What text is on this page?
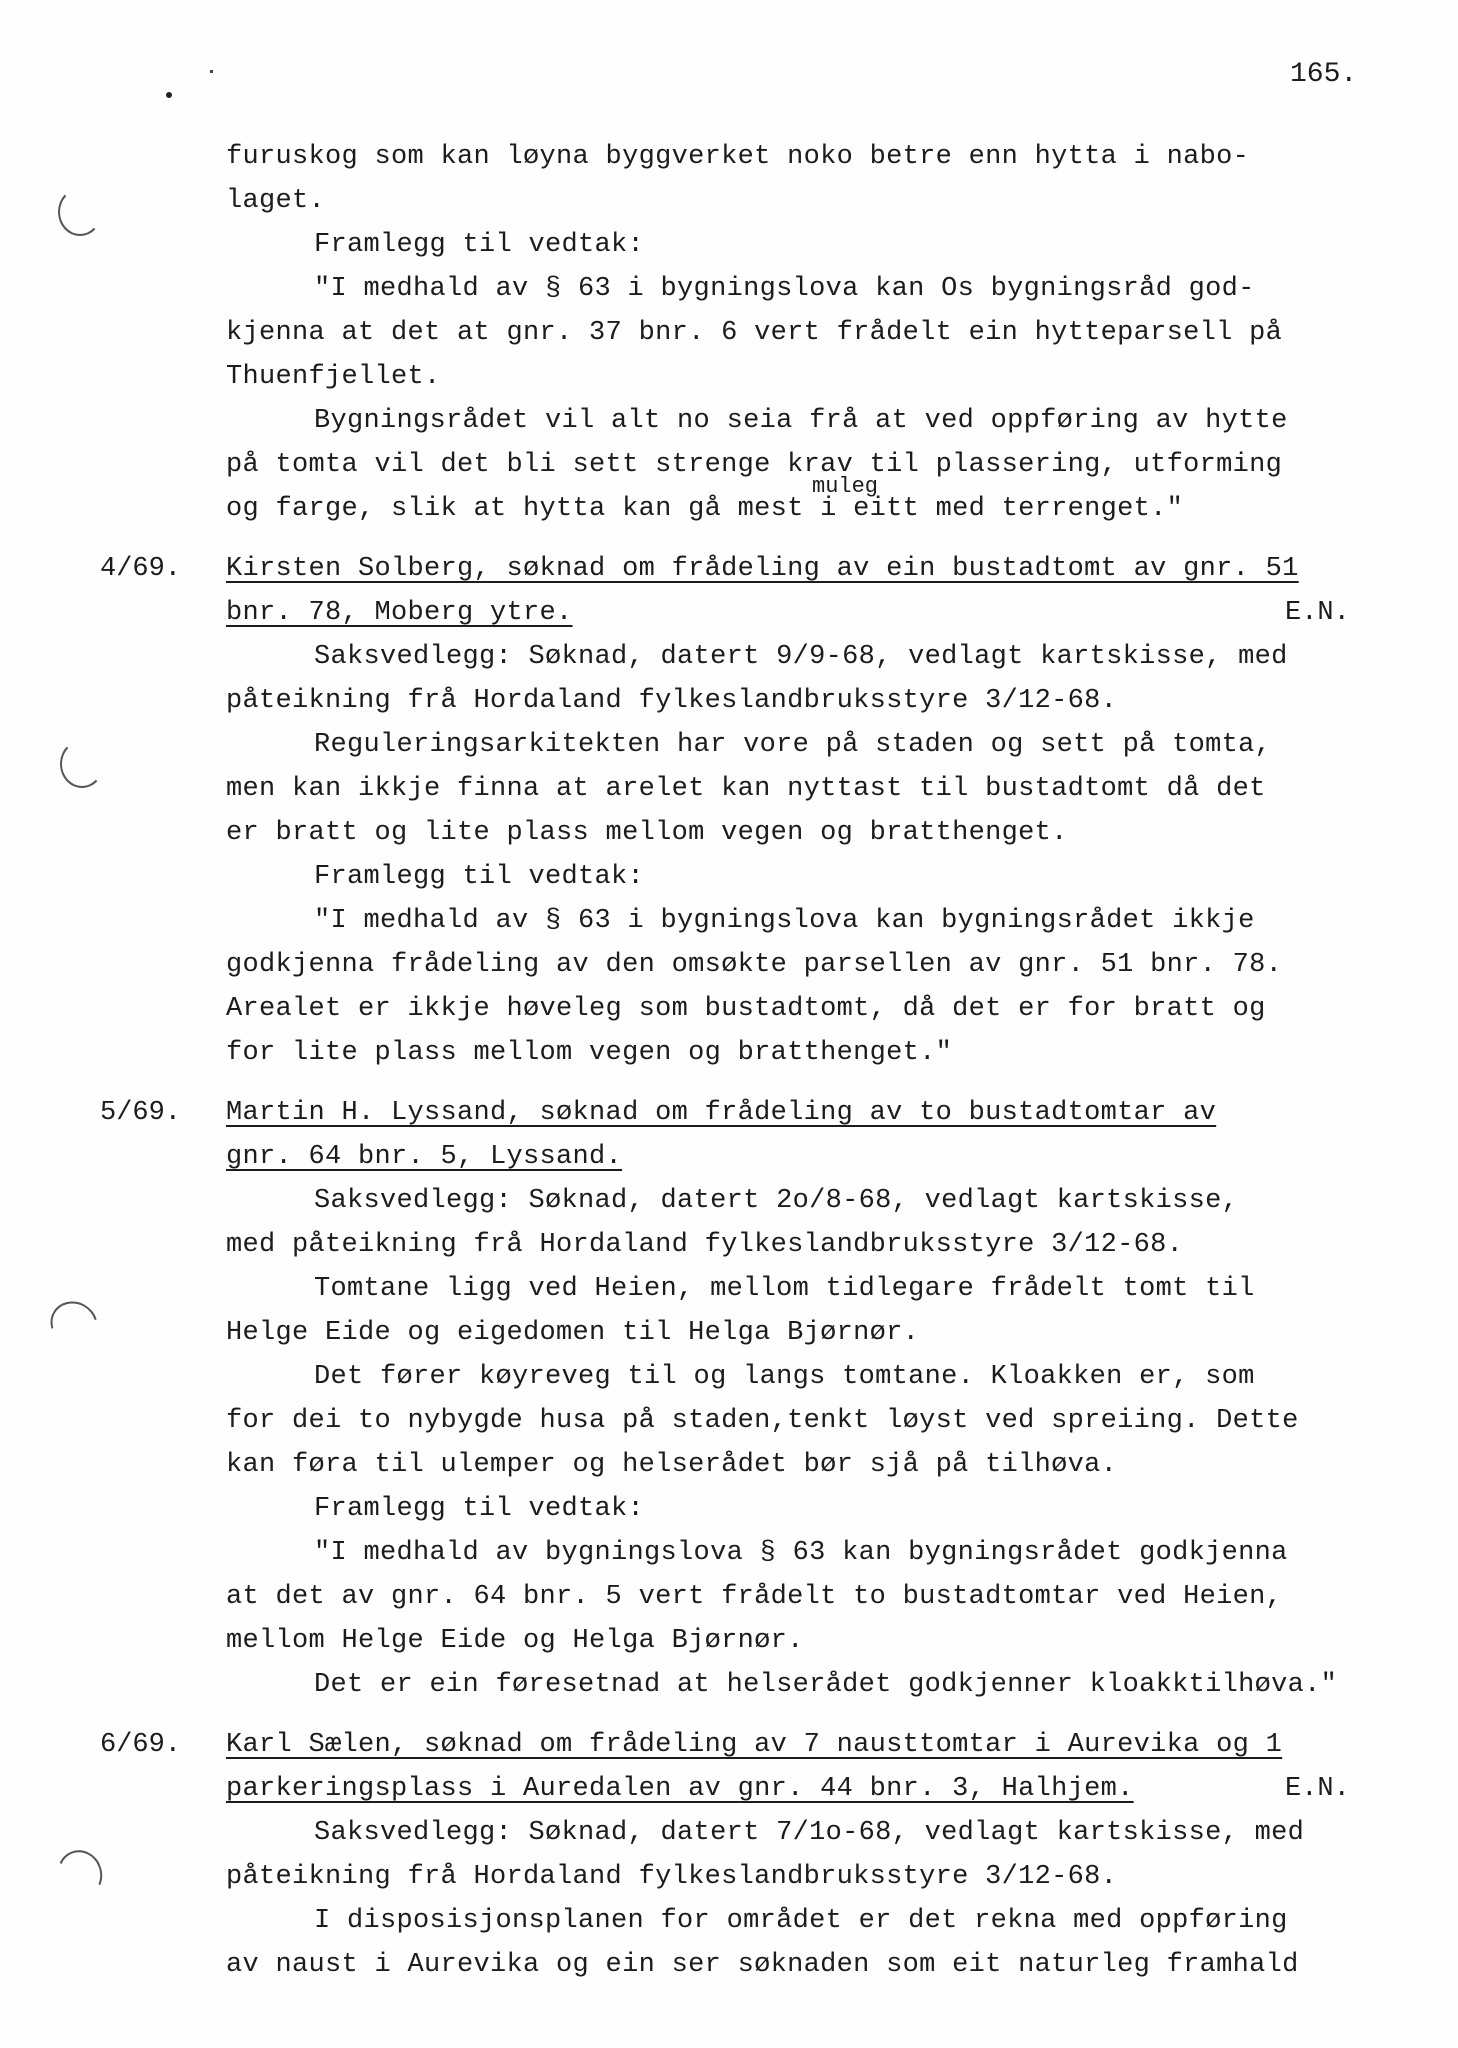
165.
furuskog som kan løyna byggverket noko betre enn hytta i nabo-
laget.
Framlegg til vedtak:
"I medhald av § 63 i bygningslova kan Os bygningsråd god-
kjenna at det at gnr. 37 bnr. 6 vert frådelt ein hytteparsell på
Thuenfjellet.
Bygningsrådet vil alt no seia frå at ved oppføring av hytte
på tomta vil det bli sett strenge krav til plassering, utforming
muleg
og farge, slik at hytta kan gå mest i eitt med terrenget."
4/69. Kirsten Solberg, søknad om frådeling av ein bustadtomt av gnr. 51
bnr. 78, Moberg ytre.	E.N.
Saksvedlegg: Søknad, datert 9/9-68, vedlagt kartskisse, med
påteikning frå Hordaland fylkeslandbruksstyre 3/12-68.
Reguleringsarkitekten har vore på staden og sett på tomta,
men kan ikkje finna at arelet kan nyttast til bustadtomt då det
er bratt og lite plass mellom vegen og bratthenget.
Framlegg til vedtak:
"I medhald av § 63 i bygningslova kan bygningsrådet ikkje
godkjenna frådeling av den omsøkte parsellen av gnr. 51 bnr. 78.
Arealet er ikkje høveleg som bustadtomt, då det er for bratt og
for lite plass mellom vegen og bratthenget."
5/69. Martin H. Lyssand, søknad om frådeling av to bustadtomtar av
gnr. 64 bnr. 5, Lyssand.
Saksvedlegg: Søknad, datert 2o/8-68, vedlagt kartskisse,
med påteikning frå Hordaland fylkeslandbruksstyre 3/12-68.
Tomtane ligg ved Heien, mellom tidlegare frådelt tomt til
Helge Eide og eigedomen til Helga Bjørnør.
Det fører køyreveg til og langs tomtane. Kloakken er, som
for dei to nybygde husa på staden,tenkt løyst ved spreiing. Dette
kan føra til ulemper og helserådet bør sjå på tilhøva.
Framlegg til vedtak:
"I medhald av bygningslova § 63 kan bygningsrådet godkjenna
at det av gnr. 64 bnr. 5 vert frådelt to bustadtomtar ved Heien,
mellom Helge Eide og Helga Bjørnør.
Det er ein føresetnad at helserådet godkjenner kloakktilhøva."
6/69. Karl Sælen, søknad om frådeling av 7 nausttomtar i Aurevika og 1
parkeringsplass i Auredalen av gnr. 44 bnr. 3, Halhjem.	E.N.
Saksvedlegg: Søknad, datert 7/1o-68, vedlagt kartskisse, med
påteikning frå Hordaland fylkeslandbruksstyre 3/12-68.
I disposisjonsplanen for området er det rekna med oppføring
av naust i Aurevika og ein ser søknaden som eit naturleg framhald
